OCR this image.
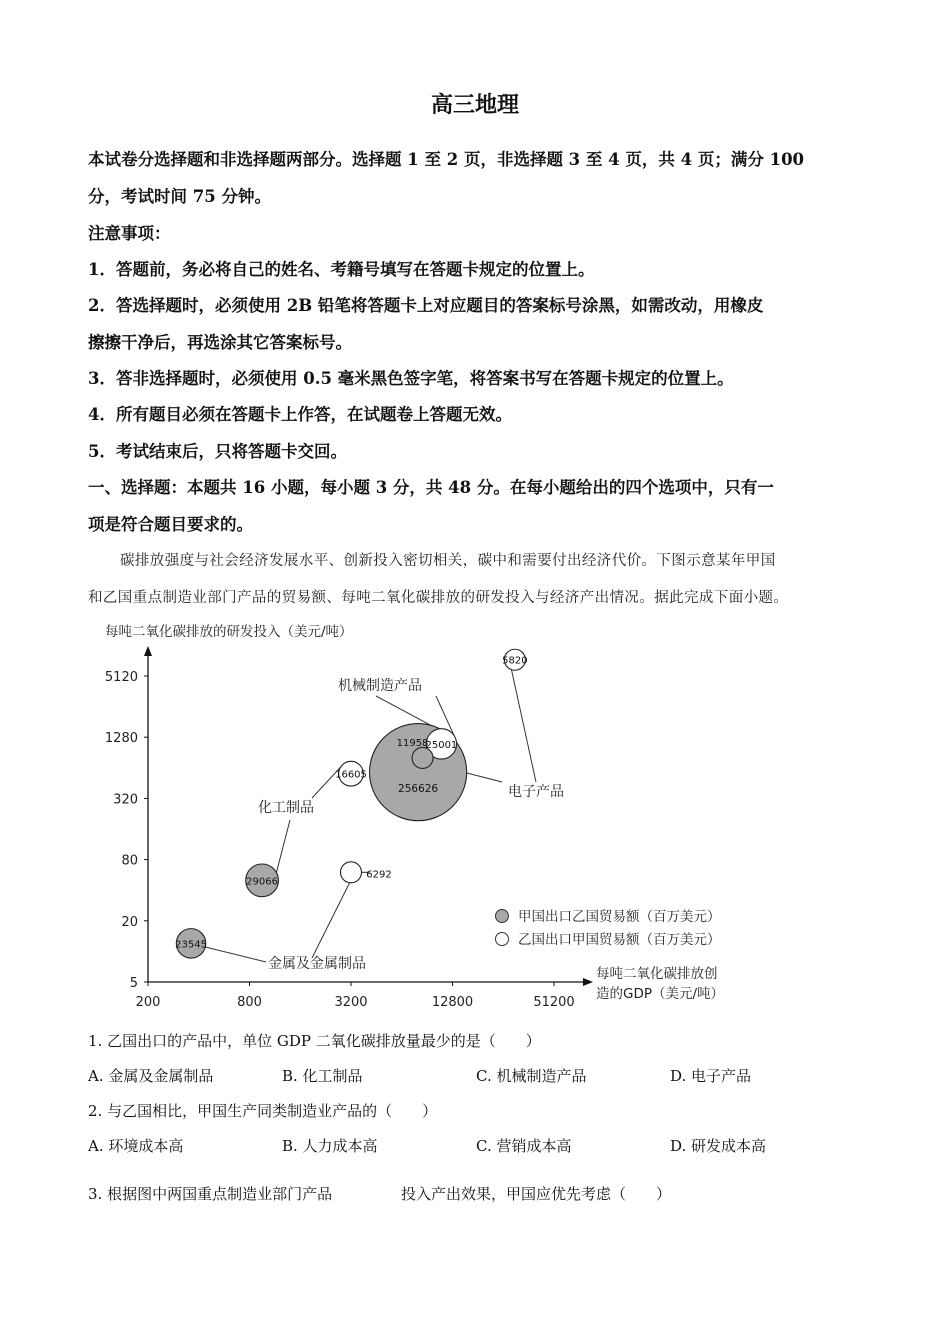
高三地理
本试卷分选择题和非选择题两部分。选择题 1 至 2 页，非选择题 3 至 4 页，共 4 页；满分 100
分，考试时间 75 分钟。
注意事项：
1．答题前，务必将自己的姓名、考籍号填写在答题卡规定的位置上。
2．答选择题时，必须使用 2B 铅笔将答题卡上对应题目的答案标号涂黑，如需改动，用橡皮
擦擦干净后，再选涂其它答案标号。
3．答非选择题时，必须使用 0.5 毫米黑色签字笔，将答案书写在答题卡规定的位置上。
4．所有题目必须在答题卡上作答，在试题卷上答题无效。
5．考试结束后，只将答题卡交回。
一、选择题：本题共 16 小题，每小题 3 分，共 48 分。在每小题给出的四个选项中，只有一
项是符合题目要求的。
碳排放强度与社会经济发展水平、创新投入密切相关，碳中和需要付出经济代价。下图示意某年甲国
和乙国重点制造业部门产品的贸易额、每吨二氧化碳排放的研发投入与经济产出情况。据此完成下面小题。
每吨二氧化碳排放的研发投入（美元/吨）
5
20
80
320
1280
5120
200	800	3200	12800	51200
每吨二氧化碳排放创
造的GDP（美元/吨）
23545
6292
29066
16605
256626
25001
11958
5820
机械制造产品
电子产品
化工制品
金属及金属制品
甲国出口乙国贸易额（百万美元）
乙国出口甲国贸易额（百万美元）
1. 乙国出口的产品中，单位 GDP 二氧化碳排放量最少的是（　　）
A. 金属及金属制品	B. 化工制品	C. 机械制造产品	D. 电子产品
2. 与乙国相比，甲国生产同类制造业产品的（　　）
A. 环境成本高	B. 人力成本高	C. 营销成本高	D. 研发成本高
3. 根据图中两国重点制造业部门产品	投入产出效果，甲国应优先考虑（　　）
